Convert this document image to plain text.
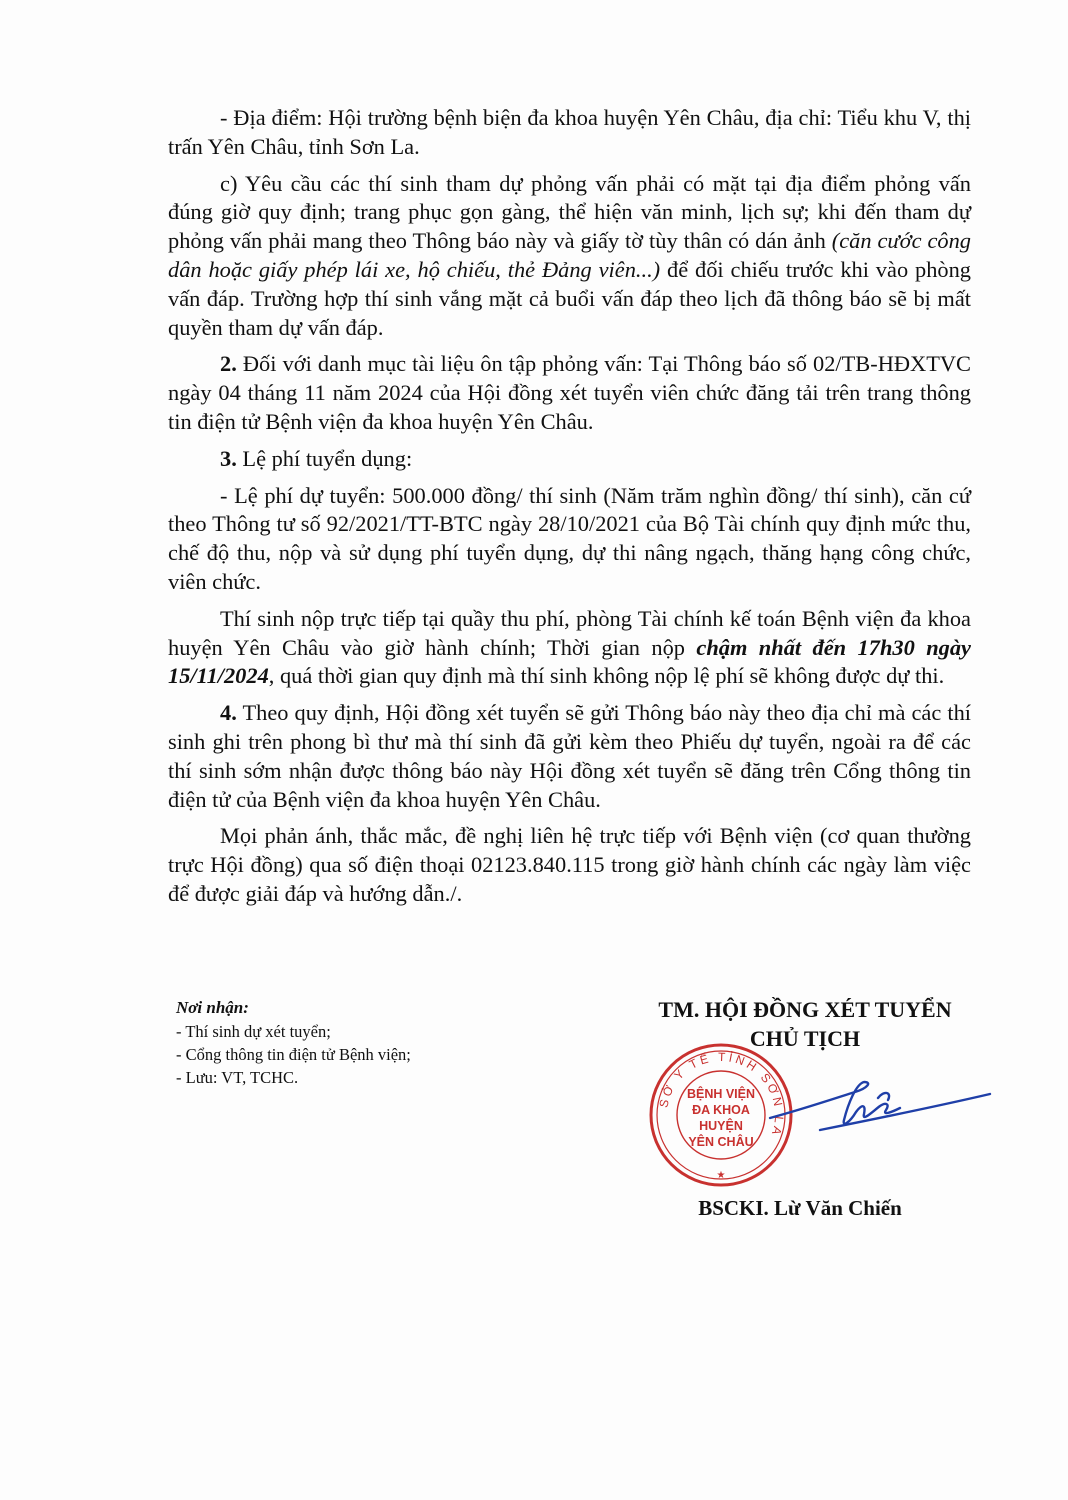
- Địa điểm: Hội trường bệnh biện đa khoa huyện Yên Châu, địa chỉ: Tiểu khu V, thị trấn Yên Châu, tỉnh Sơn La.

c) Yêu cầu các thí sinh tham dự phỏng vấn phải có mặt tại địa điểm phỏng vấn đúng giờ quy định; trang phục gọn gàng, thể hiện văn minh, lịch sự; khi đến tham dự phỏng vấn phải mang theo Thông báo này và giấy tờ tùy thân có dán ảnh (căn cước công dân hoặc giấy phép lái xe, hộ chiếu, thẻ Đảng viên...) để đối chiếu trước khi vào phòng vấn đáp. Trường hợp thí sinh vắng mặt cả buổi vấn đáp theo lịch đã thông báo sẽ bị mất quyền tham dự vấn đáp.

2. Đối với danh mục tài liệu ôn tập phỏng vấn: Tại Thông báo số 02/TB-HĐXTVC ngày 04 tháng 11 năm 2024 của Hội đồng xét tuyển viên chức đăng tải trên trang thông tin điện tử Bệnh viện đa khoa huyện Yên Châu.

3. Lệ phí tuyển dụng:

- Lệ phí dự tuyển: 500.000 đồng/ thí sinh (Năm trăm nghìn đồng/ thí sinh), căn cứ theo Thông tư số 92/2021/TT-BTC ngày 28/10/2021 của Bộ Tài chính quy định mức thu, chế độ thu, nộp và sử dụng phí tuyển dụng, dự thi nâng ngạch, thăng hạng công chức, viên chức.

Thí sinh nộp trực tiếp tại quầy thu phí, phòng Tài chính kế toán Bệnh viện đa khoa huyện Yên Châu vào giờ hành chính; Thời gian nộp chậm nhất đến 17h30 ngày 15/11/2024, quá thời gian quy định mà thí sinh không nộp lệ phí sẽ không được dự thi.

4. Theo quy định, Hội đồng xét tuyển sẽ gửi Thông báo này theo địa chỉ mà các thí sinh ghi trên phong bì thư mà thí sinh đã gửi kèm theo Phiếu dự tuyển, ngoài ra để các thí sinh sớm nhận được thông báo này Hội đồng xét tuyển sẽ đăng trên Cổng thông tin điện tử của Bệnh viện đa khoa huyện Yên Châu.

Mọi phản ánh, thắc mắc, đề nghị liên hệ trực tiếp với Bệnh viện (cơ quan thường trực Hội đồng) qua số điện thoại 02123.840.115 trong giờ hành chính các ngày làm việc để được giải đáp và hướng dẫn./.

Nơi nhận:
- Thí sinh dự xét tuyển;
- Cổng thông tin điện tử Bệnh viện;
- Lưu: VT, TCHC.
TM. HỘI ĐỒNG XÉT TUYỂN
CHỦ TỊCH
SỞ Y TẾ TỈNH SƠN LA
BỆNH VIỆN
ĐA KHOA
HUYỆN
YÊN CHÂU
★
BSCKI. Lừ Văn Chiến
